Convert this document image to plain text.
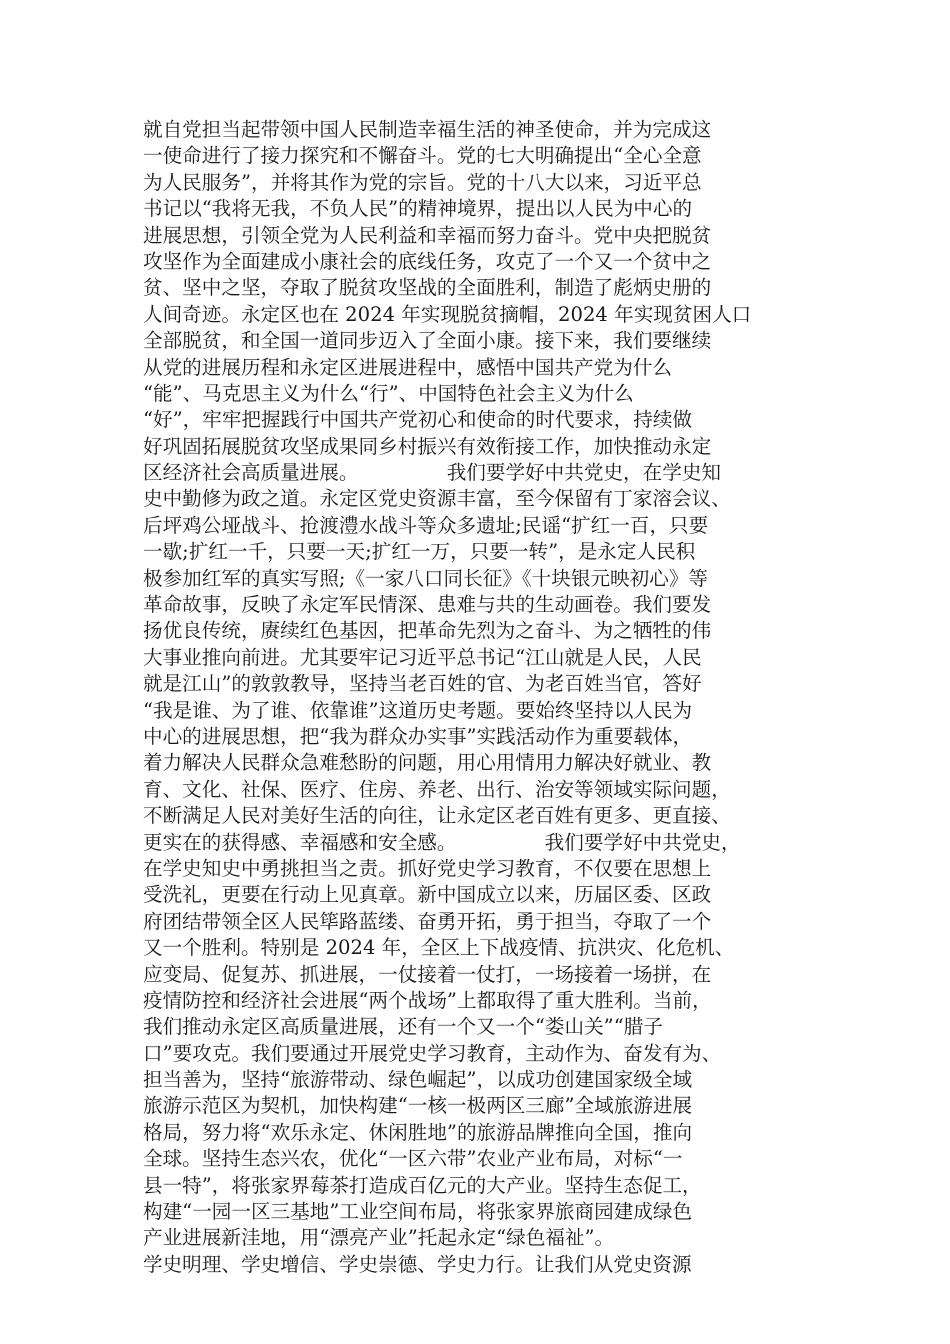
就自党担当起带领中国人民制造幸福生活的神圣使命，并为完成这
一使命进行了接力探究和不懈奋斗。党的七大明确提出“全心全意
为人民服务”，并将其作为党的宗旨。党的十八大以来，习近平总
书记以“我将无我，不负人民”的精神境界，提出以人民为中心的
进展思想，引领全党为人民利益和幸福而努力奋斗。党中央把脱贫
攻坚作为全面建成小康社会的底线任务，攻克了一个又一个贫中之
贫、坚中之坚，夺取了脱贫攻坚战的全面胜利，制造了彪炳史册的
人间奇迹。永定区也在 2024 年实现脱贫摘帽，2024 年实现贫困人口
全部脱贫，和全国一道同步迈入了全面小康。接下来，我们要继续
从党的进展历程和永定区进展进程中，感悟中国共产党为什么
“能”、马克思主义为什么“行”、中国特色社会主义为什么
“好”，牢牢把握践行中国共产党初心和使命的时代要求，持续做
好巩固拓展脱贫攻坚成果同乡村振兴有效衔接工作，加快推动永定
区经济社会高质量进展。　　　　　我们要学好中共党史，在学史知
史中勤修为政之道。永定区党史资源丰富，至今保留有丁家溶会议、
后坪鸡公垭战斗、抢渡澧水战斗等众多遗址;民谣“扩红一百，只要
一歇;扩红一千，只要一天;扩红一万，只要一转”，是永定人民积
极参加红军的真实写照;《一家八口同长征》《十块银元映初心》等
革命故事，反映了永定军民情深、患难与共的生动画卷。我们要发
扬优良传统，赓续红色基因，把革命先烈为之奋斗、为之牺牲的伟
大事业推向前进。尤其要牢记习近平总书记“江山就是人民，人民
就是江山”的敦敦教导，坚持当老百姓的官、为老百姓当官，答好
“我是谁、为了谁、依靠谁”这道历史考题。要始终坚持以人民为
中心的进展思想，把“我为群众办实事”实践活动作为重要载体，
着力解决人民群众急难愁盼的问题，用心用情用力解决好就业、教
育、文化、社保、医疗、住房、养老、出行、治安等领域实际问题，
不断满足人民对美好生活的向往，让永定区老百姓有更多、更直接、
更实在的获得感、幸福感和安全感。　　　　　我们要学好中共党史，
在学史知史中勇挑担当之责。抓好党史学习教育，不仅要在思想上
受洗礼，更要在行动上见真章。新中国成立以来，历届区委、区政
府团结带领全区人民筚路蓝缕、奋勇开拓，勇于担当，夺取了一个
又一个胜利。特别是 2024 年，全区上下战疫情、抗洪灾、化危机、
应变局、促复苏、抓进展，一仗接着一仗打，一场接着一场拼，在
疫情防控和经济社会进展“两个战场”上都取得了重大胜利。当前，
我们推动永定区高质量进展，还有一个又一个“娄山关”“腊子
口”要攻克。我们要通过开展党史学习教育，主动作为、奋发有为、
担当善为，坚持“旅游带动、绿色崛起”，以成功创建国家级全域
旅游示范区为契机，加快构建“一核一极两区三廊”全域旅游进展
格局，努力将“欢乐永定、休闲胜地”的旅游品牌推向全国，推向
全球。坚持生态兴农，优化“一区六带”农业产业布局，对标“一
县一特”，将张家界莓茶打造成百亿元的大产业。坚持生态促工，
构建“一园一区三基地”工业空间布局，将张家界旅商园建成绿色
产业进展新洼地，用“漂亮产业”托起永定“绿色福祉”。
学史明理、学史增信、学史崇德、学史力行。让我们从党史资源
